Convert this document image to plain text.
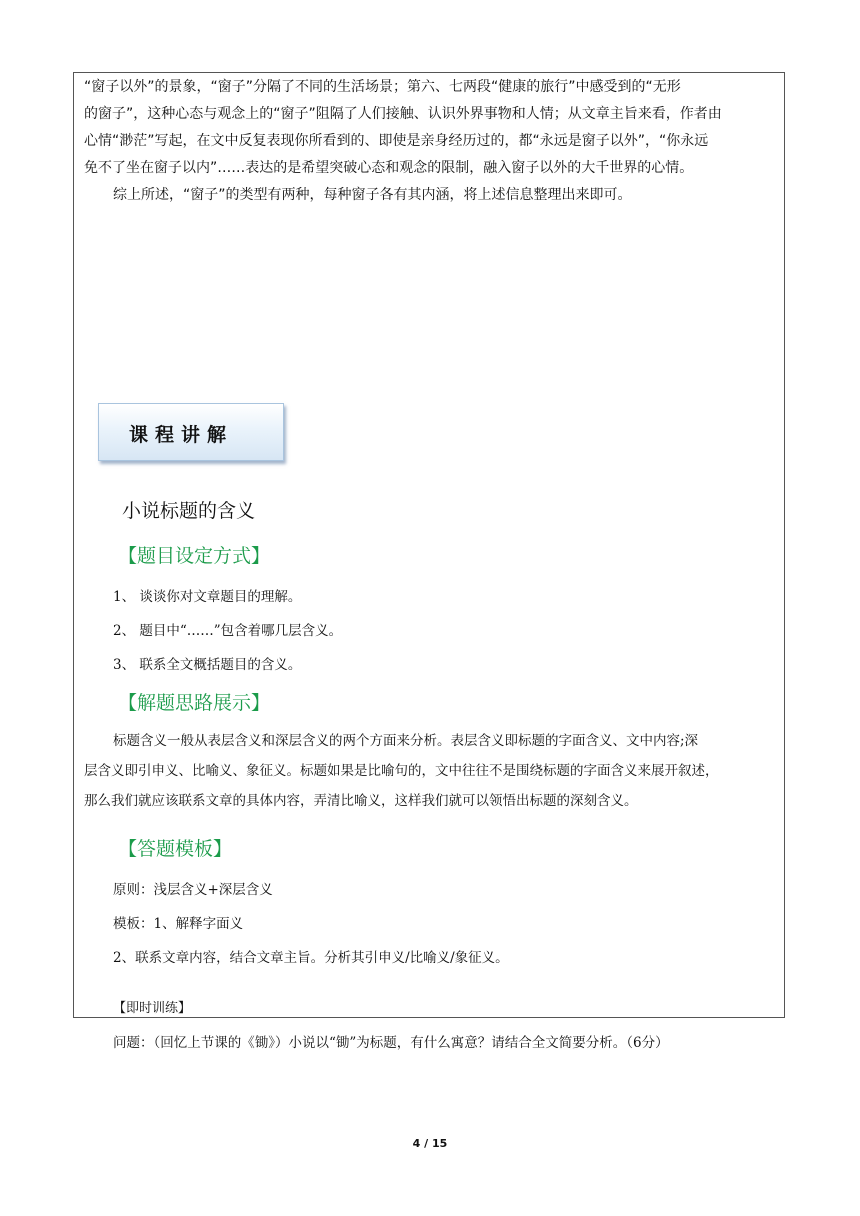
“窗子以外”的景象，“窗子”分隔了不同的生活场景；第六、七两段“健康的旅行”中感受到的“无形
的窗子”，这种心态与观念上的“窗子”阻隔了人们接触、认识外界事物和人情；从文章主旨来看，作者由
心情“渺茫”写起，在文中反复表现你所看到的、即使是亲身经历过的，都“永远是窗子以外”，“你永远
免不了坐在窗子以内”……表达的是希望突破心态和观念的限制，融入窗子以外的大千世界的心情。
综上所述，“窗子”的类型有两种，每种窗子各有其内涵，将上述信息整理出来即可。
课程讲解
小说标题的含义
【题目设定方式】
1、 谈谈你对文章题目的理解。
2、 题目中“……”包含着哪几层含义。
3、 联系全文概括题目的含义。
【解题思路展示】
标题含义一般从表层含义和深层含义的两个方面来分析。表层含义即标题的字面含义、文中内容;深
层含义即引申义、比喻义、象征义。标题如果是比喻句的，文中往往不是围绕标题的字面含义来展开叙述，
那么我们就应该联系文章的具体内容，弄清比喻义，这样我们就可以领悟出标题的深刻含义。
【答题模板】
原则：浅层含义+深层含义
模板：1、解释字面义
2、联系文章内容，结合文章主旨。分析其引申义/比喻义/象征义。
【即时训练】
问题：（回忆上节课的《锄》）小说以“锄”为标题，有什么寓意？请结合全文简要分析。（6分）
4 / 15
